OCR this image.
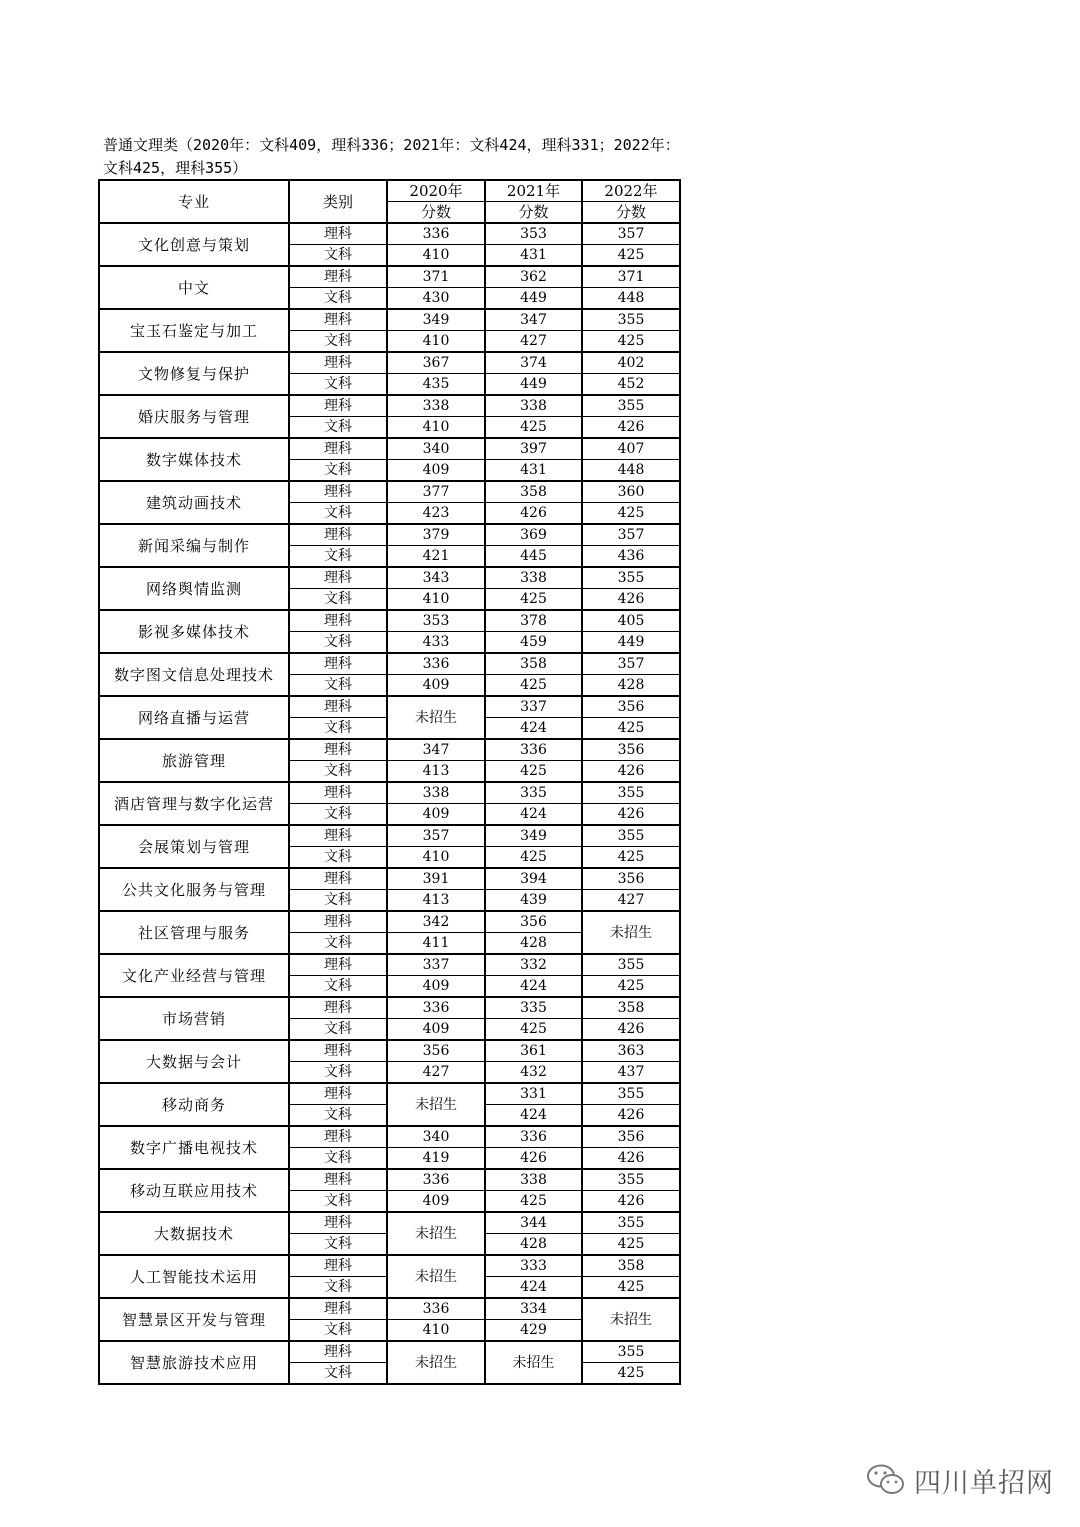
普通文理类（2020年：文科409，理科336；2021年：文科424，理科331；2022年：文科425，理科355）
专业	类别	2020年	2021年	2022年
		分数	分数	分数
文化创意与策划	理科	336	353	357
	文科	410	431	425
中文	理科	371	362	371
	文科	430	449	448
宝玉石鉴定与加工	理科	349	347	355
	文科	410	427	425
文物修复与保护	理科	367	374	402
	文科	435	449	452
婚庆服务与管理	理科	338	338	355
	文科	410	425	426
数字媒体技术	理科	340	397	407
	文科	409	431	448
建筑动画技术	理科	377	358	360
	文科	423	426	425
新闻采编与制作	理科	379	369	357
	文科	421	445	436
网络舆情监测	理科	343	338	355
	文科	410	425	426
影视多媒体技术	理科	353	378	405
	文科	433	459	449
数字图文信息处理技术	理科	336	358	357
	文科	409	425	428
网络直播与运营	理科	未招生	337	356
	文科		424	425
旅游管理	理科	347	336	356
	文科	413	425	426
酒店管理与数字化运营	理科	338	335	355
	文科	409	424	426
会展策划与管理	理科	357	349	355
	文科	410	425	425
公共文化服务与管理	理科	391	394	356
	文科	413	439	427
社区管理与服务	理科	342	356	未招生
	文科	411	428	
文化产业经营与管理	理科	337	332	355
	文科	409	424	425
市场营销	理科	336	335	358
	文科	409	425	426
大数据与会计	理科	356	361	363
	文科	427	432	437
移动商务	理科	未招生	331	355
	文科		424	426
数字广播电视技术	理科	340	336	356
	文科	419	426	426
移动互联应用技术	理科	336	338	355
	文科	409	425	426
大数据技术	理科	未招生	344	355
	文科		428	425
人工智能技术运用	理科	未招生	333	358
	文科		424	425
智慧景区开发与管理	理科	336	334	未招生
	文科	410	429	
智慧旅游技术应用	理科	未招生	未招生	355
	文科			425
四川单招网
